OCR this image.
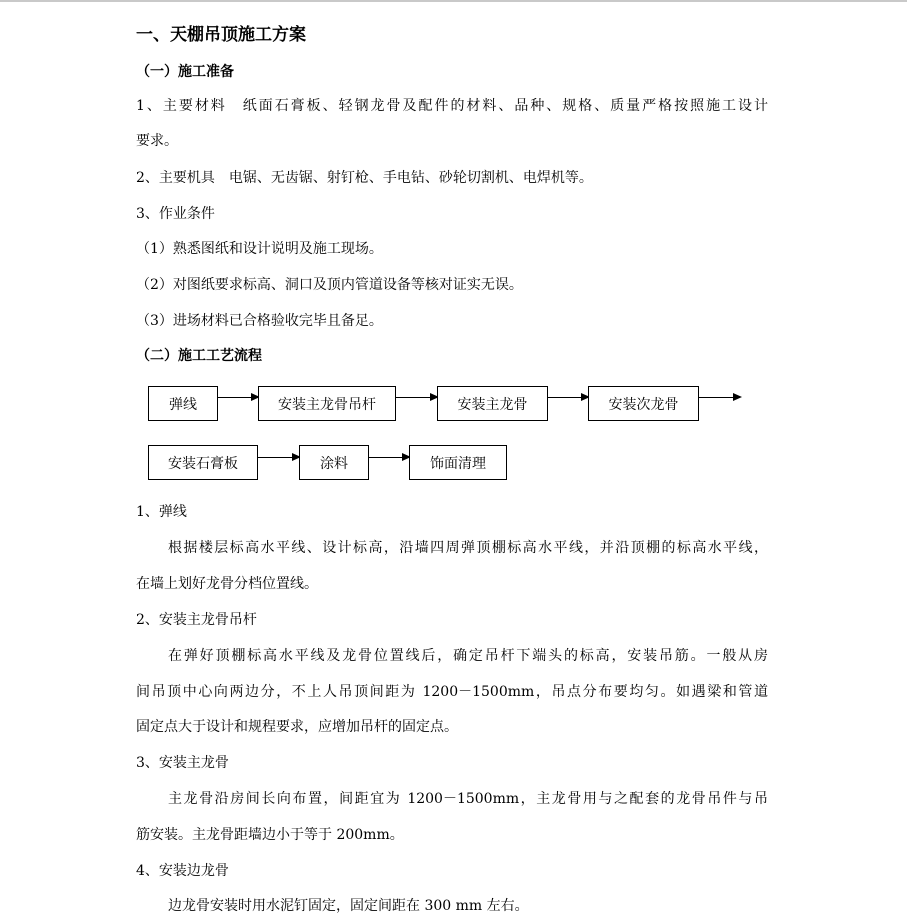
一、天棚吊顶施工方案
（一）施工准备
1、主要材料　纸面石膏板、轻钢龙骨及配件的材料、品种、规格、质量严格按照施工设计
要求。
2、主要机具　电锯、无齿锯、射钉枪、手电钻、砂轮切割机、电焊机等。
3、作业条件
（1）熟悉图纸和设计说明及施工现场。
（2）对图纸要求标高、洞口及顶内管道设备等核对证实无误。
（3）进场材料已合格验收完毕且备足。
（二）施工工艺流程
弹线	安装主龙骨吊杆	安装主龙骨	安装次龙骨
安装石膏板	涂料	饰面清理
1、弹线
根据楼层标高水平线、设计标高，沿墙四周弹顶棚标高水平线，并沿顶棚的标高水平线，
在墙上划好龙骨分档位置线。
2、安装主龙骨吊杆
在弹好顶棚标高水平线及龙骨位置线后，确定吊杆下端头的标高，安装吊筋。一般从房
间吊顶中心向两边分，不上人吊顶间距为 1200－1500mm，吊点分布要均匀。如遇梁和管道
固定点大于设计和规程要求，应增加吊杆的固定点。
3、安装主龙骨
主龙骨沿房间长向布置，间距宜为 1200－1500mm，主龙骨用与之配套的龙骨吊件与吊
筋安装。主龙骨距墙边小于等于 200mm。
4、安装边龙骨
边龙骨安装时用水泥钉固定，固定间距在 300 mm 左右。
